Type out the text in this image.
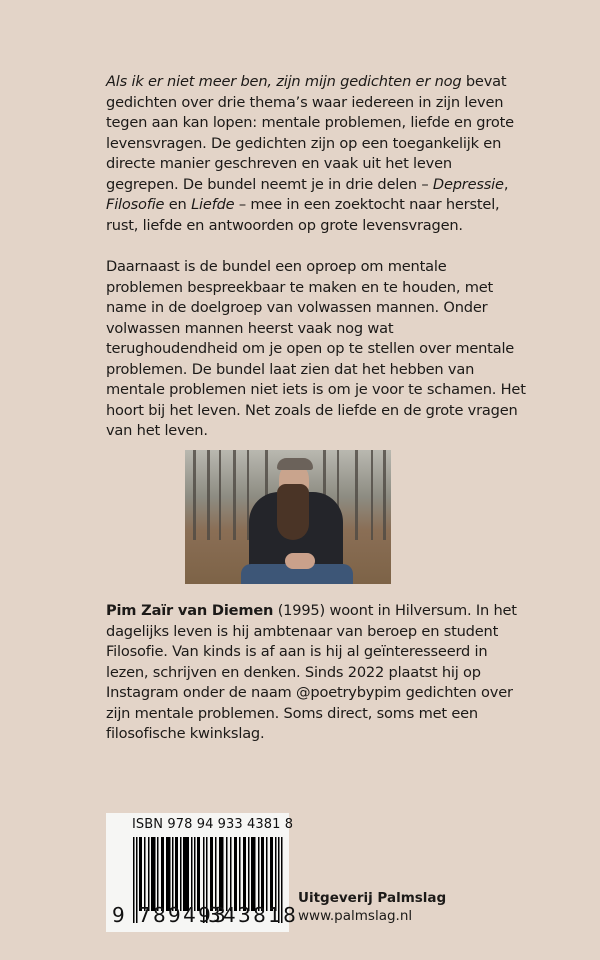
Als ik er niet meer ben, zijn mijn gedichten er nog bevat gedichten over drie thema’s waar iedereen in zijn leven tegen aan kan lopen: mentale problemen, liefde en grote levensvragen. De gedichten zijn op een toegankelijk en directe manier geschreven en vaak uit het leven gegrepen. De bundel neemt je in drie delen – Depressie, Filosofie en Liefde – mee in een zoektocht naar herstel, rust, liefde en antwoorden op grote levensvragen.

Daarnaast is de bundel een oproep om mentale problemen bespreekbaar te maken en te houden, met name in de doelgroep van volwassen mannen. Onder volwassen mannen heerst vaak nog wat terughoudendheid om je open op te stellen over mentale problemen. De bundel laat zien dat het hebben van mentale problemen niet iets is om je voor te schamen. Het hoort bij het leven. Net zoals de liefde en de grote vragen van het leven.

Pim Zaïr van Diemen (1995) woont in Hilversum. In het dagelijks leven is hij ambtenaar van beroep en student Filosofie. Van kinds is af aan is hij al geïnteresseerd in lezen, schrijven en denken. Sinds 2022 plaatst hij op Instagram onder de naam @poetrybypim gedichten over zijn mentale problemen. Soms direct, soms met een filosofische kwinkslag.

ISBN 978 94 933 4381 8
9 789493
343818
Uitgeverij Palmslag
www.palmslag.nl
